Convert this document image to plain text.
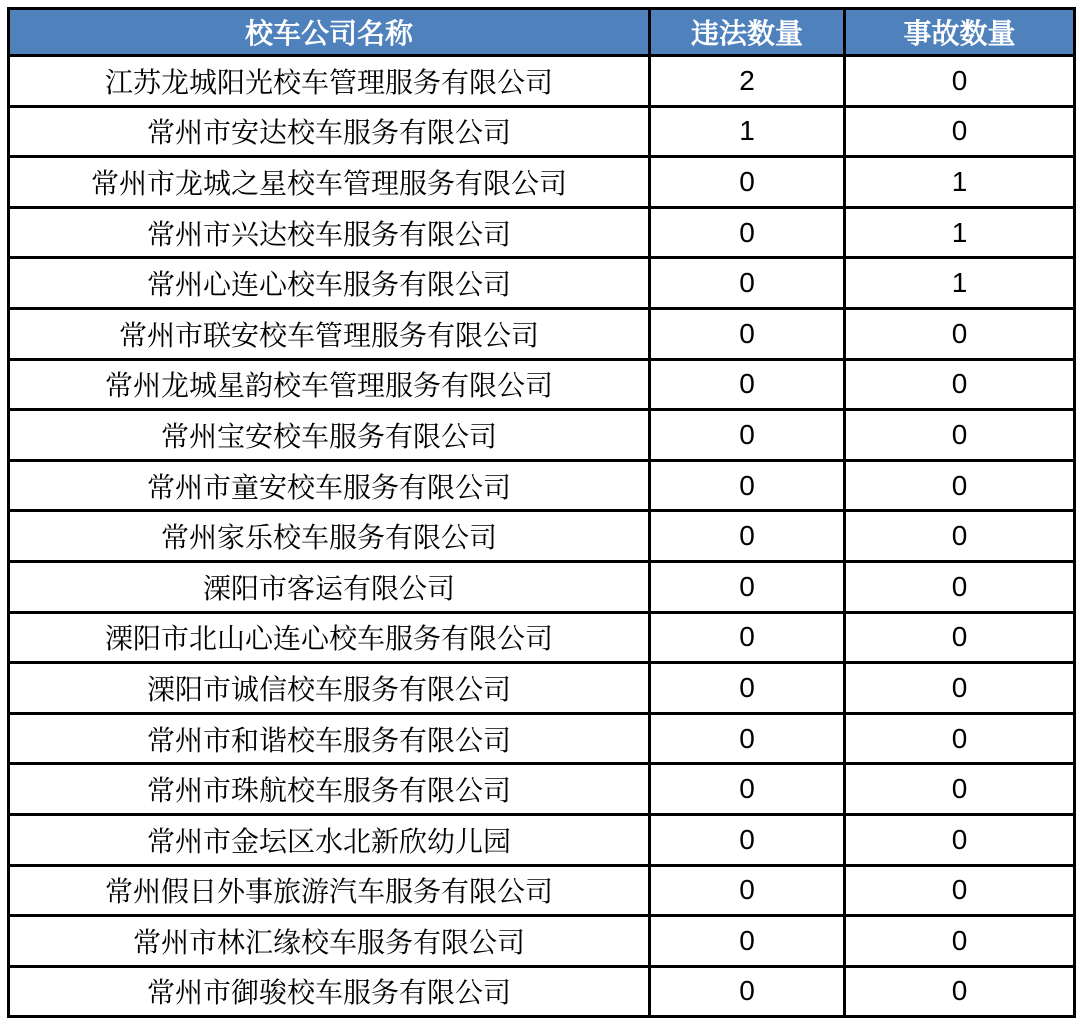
校车公司名称	违法数量	事故数量
江苏龙城阳光校车管理服务有限公司	2	0
常州市安达校车服务有限公司	1	0
常州市龙城之星校车管理服务有限公司	0	1
常州市兴达校车服务有限公司	0	1
常州心连心校车服务有限公司	0	1
常州市联安校车管理服务有限公司	0	0
常州龙城星韵校车管理服务有限公司	0	0
常州宝安校车服务有限公司	0	0
常州市童安校车服务有限公司	0	0
常州家乐校车服务有限公司	0	0
溧阳市客运有限公司	0	0
溧阳市北山心连心校车服务有限公司	0	0
溧阳市诚信校车服务有限公司	0	0
常州市和谐校车服务有限公司	0	0
常州市珠航校车服务有限公司	0	0
常州市金坛区水北新欣幼儿园	0	0
常州假日外事旅游汽车服务有限公司	0	0
常州市林汇缘校车服务有限公司	0	0
常州市御骏校车服务有限公司	0	0
